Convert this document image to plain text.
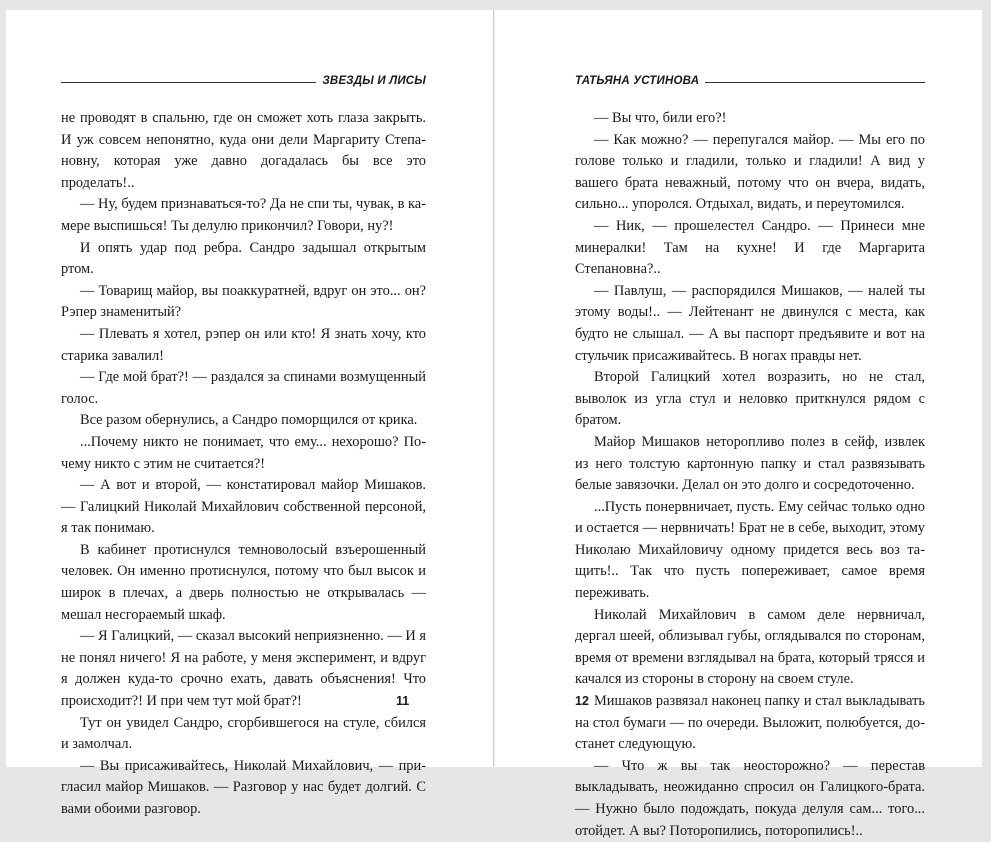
ЗВЕЗДЫ И ЛИСЫ

не проводят в спальню, где он сможет хоть глаза закрыть. И уж совсем непонятно, куда они дели Маргариту Степановну, которая уже давно догадалась бы все это проделать!..

— Ну, будем признаваться-то? Да не спи ты, чувак, в камере выспишься! Ты делулю прикончил? Говори, ну?!

И опять удар под ребра. Сандро задышал открытым ртом.

— Товарищ майор, вы поаккуратней, вдруг он это... он? Рэпер знаменитый?

— Плевать я хотел, рэпер он или кто! Я знать хочу, кто старика завалил!

— Где мой брат?! — раздался за спинами возмущенный голос.

Все разом обернулись, а Сандро поморщился от крика.

...Почему никто не понимает, что ему... нехорошо? Почему никто с этим не считается?!

— А вот и второй, — констатировал майор Мишаков. — Галицкий Николай Михайлович собственной персоной, я так понимаю.

В кабинет протиснулся темноволосый взъерошенный человек. Он именно протиснулся, потому что был высок и широк в плечах, а дверь полностью не открывалась — мешал несгораемый шкаф.

— Я Галицкий, — сказал высокий неприязненно. — И я не понял ничего! Я на работе, у меня эксперимент, и вдруг я должен куда-то срочно ехать, давать объяснения! Что происходит?! И при чем тут мой брат?!

Тут он увидел Сандро, сгорбившегося на стуле, сбился и замолчал.

— Вы присаживайтесь, Николай Михайлович, — пригласил майор Мишаков. — Разговор у нас будет долгий. С вами обоими разговор.

11
ТАТЬЯНА УСТИНОВА

— Вы что, били его?!

— Как можно? — перепугался майор. — Мы его по голове только и гладили, только и гладили! А вид у вашего брата неважный, потому что он вчера, видать, сильно... упоролся. Отдыхал, видать, и переутомился.

— Ник, — прошелестел Сандро. — Принеси мне минералки! Там на кухне! И где Маргарита Степановна?..

— Павлуш, — распорядился Мишаков, — налей ты этому воды!.. — Лейтенант не двинулся с места, как будто не слышал. — А вы паспорт предъявите и вот на стульчик присаживайтесь. В ногах правды нет.

Второй Галицкий хотел возразить, но не стал, выволок из угла стул и неловко приткнулся рядом с братом.

Майор Мишаков неторопливо полез в сейф, извлек из него толстую картонную папку и стал развязывать белые завязочки. Делал он это долго и сосредоточенно.

...Пусть понервничает, пусть. Ему сейчас только одно и остается — нервничать! Брат не в себе, выходит, этому Николаю Михайловичу одному придется весь воз тащить!.. Так что пусть попереживает, самое время переживать.

Николай Михайлович в самом деле нервничал, дергал шеей, облизывал губы, оглядывался по сторонам, время от времени взглядывал на брата, который трясся и качался из стороны в сторону на своем стуле.

Мишаков развязал наконец папку и стал выкладывать на стол бумаги — по очереди. Выложит, полюбуется, достанет следующую.

— Что ж вы так неосторожно? — перестав выкладывать, неожиданно спросил он Галицкого-брата. — Нужно было подождать, покуда делуля сам... того... отойдет. А вы? Поторопились, поторопились!..

12
